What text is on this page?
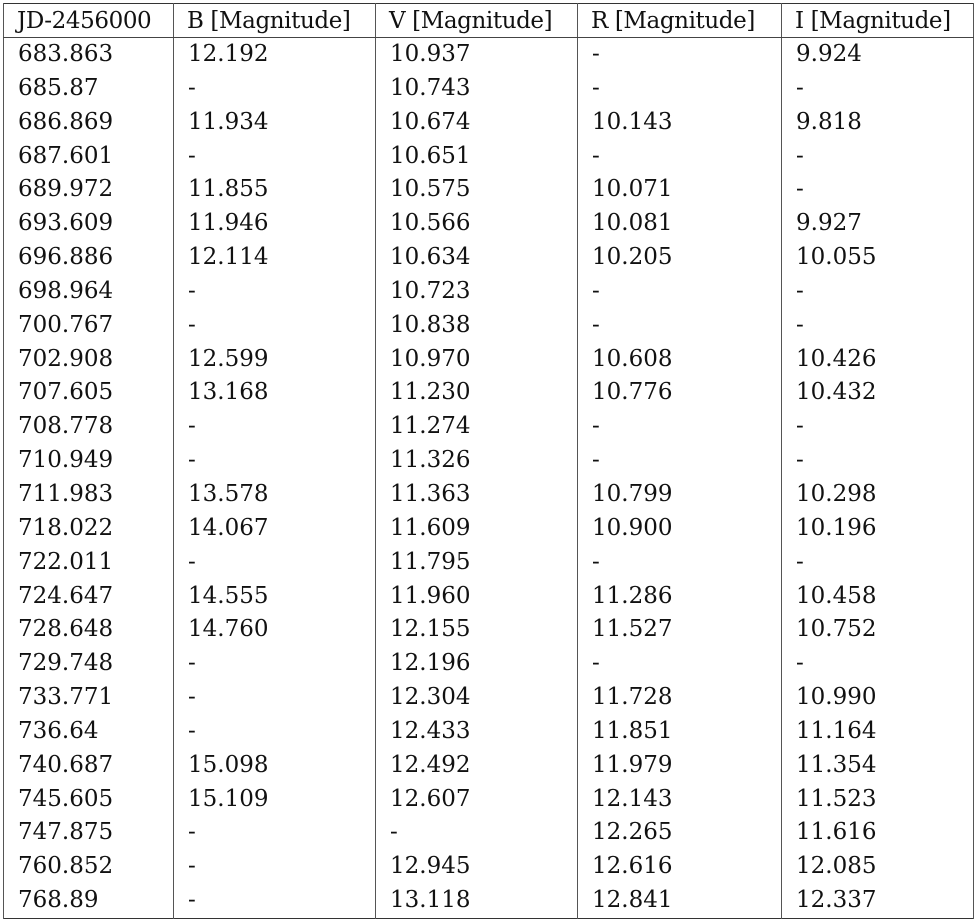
JD-2456000	B [Magnitude]	V [Magnitude]	R [Magnitude]	I [Magnitude]
683.863	12.192	10.937	-	9.924
685.87	-	10.743	-	-
686.869	11.934	10.674	10.143	9.818
687.601	-	10.651	-	-
689.972	11.855	10.575	10.071	-
693.609	11.946	10.566	10.081	9.927
696.886	12.114	10.634	10.205	10.055
698.964	-	10.723	-	-
700.767	-	10.838	-	-
702.908	12.599	10.970	10.608	10.426
707.605	13.168	11.230	10.776	10.432
708.778	-	11.274	-	-
710.949	-	11.326	-	-
711.983	13.578	11.363	10.799	10.298
718.022	14.067	11.609	10.900	10.196
722.011	-	11.795	-	-
724.647	14.555	11.960	11.286	10.458
728.648	14.760	12.155	11.527	10.752
729.748	-	12.196	-	-
733.771	-	12.304	11.728	10.990
736.64	-	12.433	11.851	11.164
740.687	15.098	12.492	11.979	11.354
745.605	15.109	12.607	12.143	11.523
747.875	-	-	12.265	11.616
760.852	-	12.945	12.616	12.085
768.89	-	13.118	12.841	12.337
